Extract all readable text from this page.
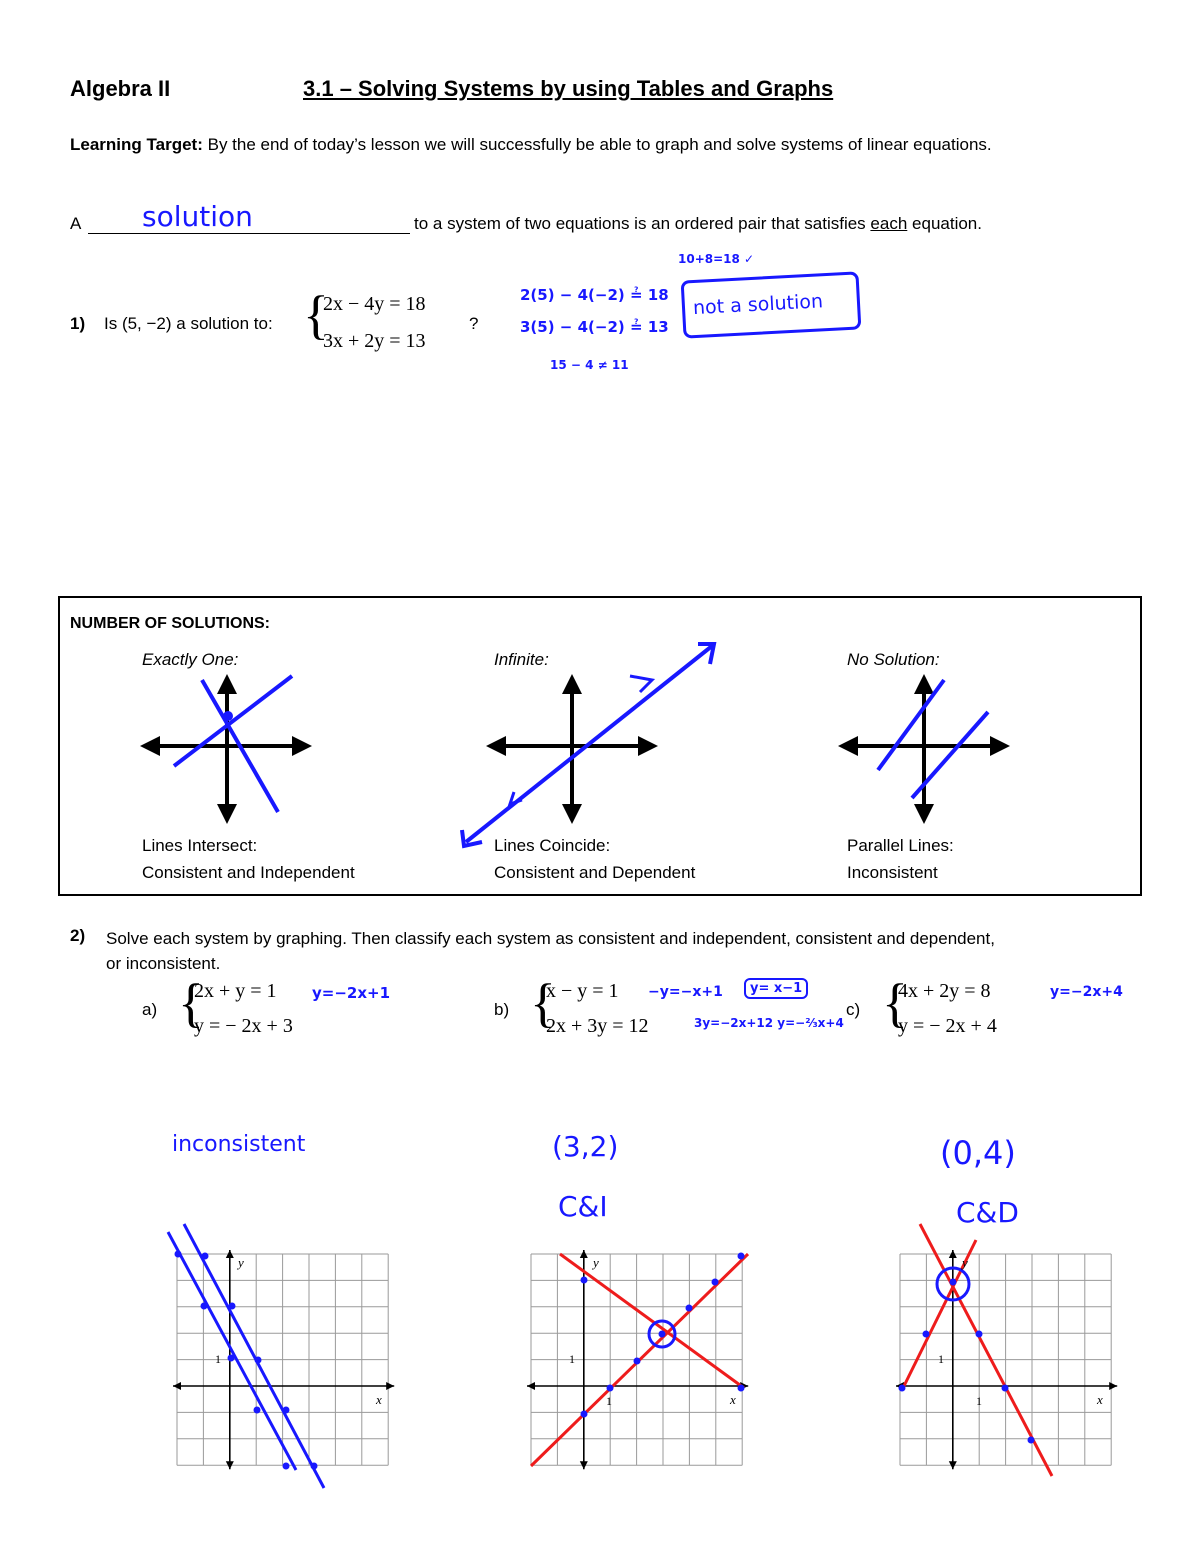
Algebra II	3.1 – Solving Systems by using Tables and Graphs
Learning Target: By the end of today’s lesson we will successfully be able to graph and solve systems of linear equations.
A solution	to a system of two equations is an ordered pair that satisfies each equation.
1) Is (5, −2) a solution to: {
2x − 4y = 18
3x + 2y = 13
?
2(5) − 4(−2) ≟ 18
3(5) − 4(−2) ≟ 13
15 − 4 ≠ 11
10+8=18 ✓
not a solution
NUMBER OF SOLUTIONS:
Exactly One:	Infinite:	No Solution:
Lines Intersect:
Consistent and Independent
Lines Coincide:
Consistent and Dependent
Parallel Lines:
Inconsistent
2) Solve each system by graphing. Then classify each system as consistent and independent, consistent and dependent,
or inconsistent.
a) {
2x + y = 1
y = − 2x + 3
y=−2x+1
b) {
x − y = 1
2x + 3y = 12
−y=−x+1	y= x−1
3y=−2x+12 y=−⅔x+4
c) {
4x + 2y = 8
y = − 2x + 4
y=−2x+4
inconsistent	(3,2)
C&I
(0,4)
C&D
y
x
1
y
x
1
y
x
1
1
1
